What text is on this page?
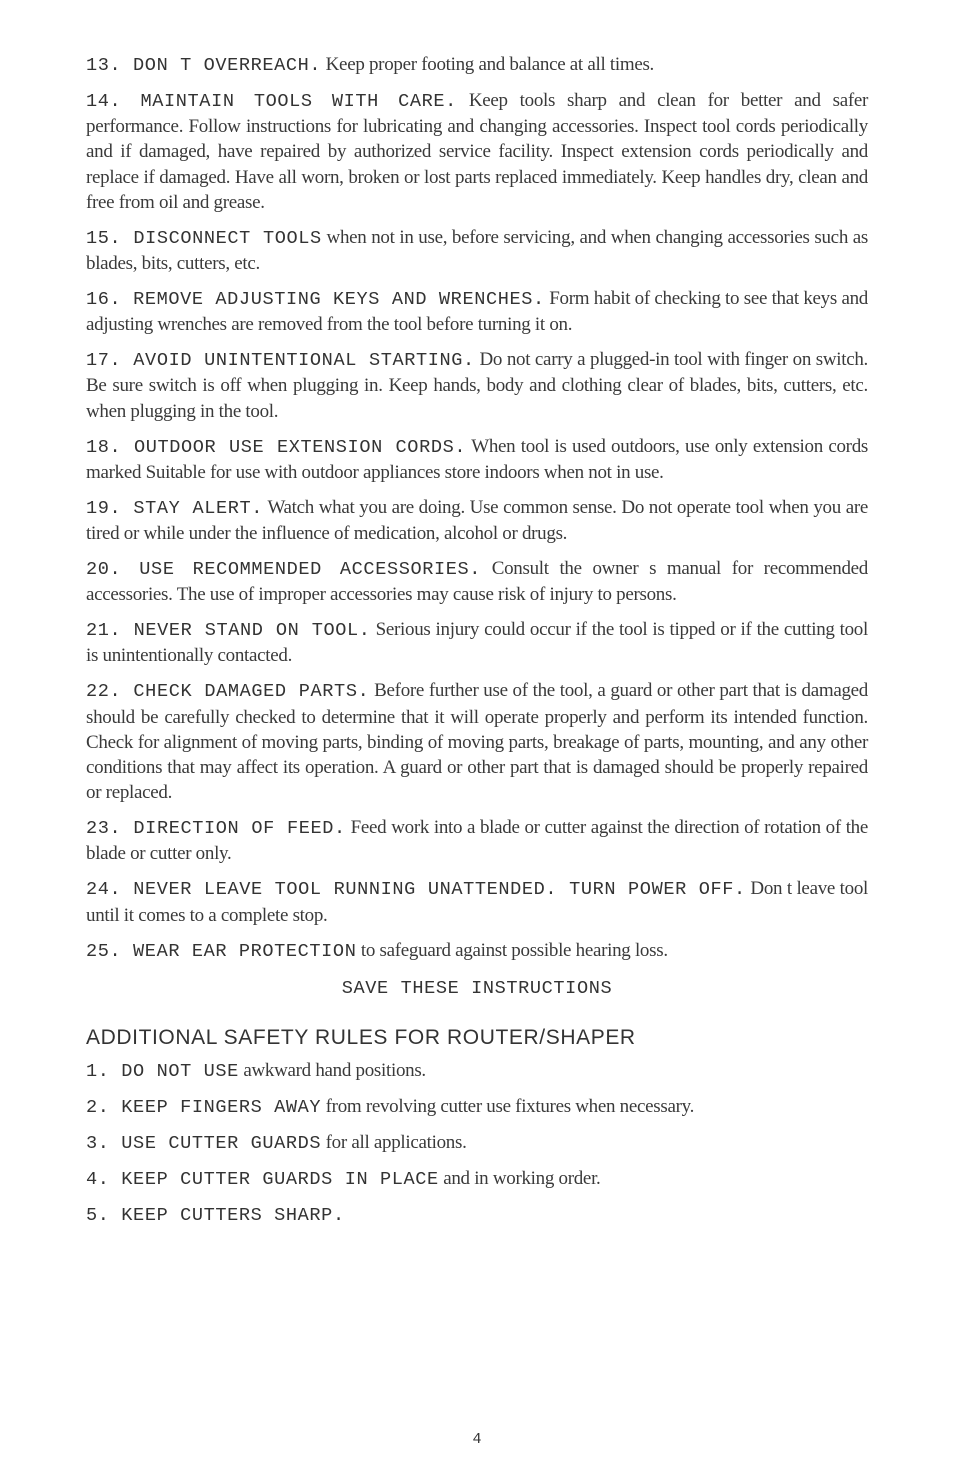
13. DON T OVERREACH. Keep proper footing and balance at all times.

14. MAINTAIN TOOLS WITH CARE. Keep tools sharp and clean for better and safer performance. Follow instructions for lubricating and changing accessories. Inspect tool cords periodically and if damaged, have repaired by authorized service facility. Inspect extension cords periodically and replace if damaged. Have all worn, broken or lost parts replaced immediately. Keep handles dry, clean and free from oil and grease.

15. DISCONNECT TOOLS when not in use, before servicing, and when changing accessories such as blades, bits, cutters, etc.

16. REMOVE ADJUSTING KEYS AND WRENCHES. Form habit of checking to see that keys and adjusting wrenches are removed from the tool before turning it on.

17. AVOID UNINTENTIONAL STARTING. Do not carry a plugged-in tool with finger on switch. Be sure switch is off when plugging in. Keep hands, body and clothing clear of blades, bits, cutters, etc. when plugging in the tool.

18. OUTDOOR USE EXTENSION CORDS. When tool is used outdoors, use only extension cords marked Suitable for use with outdoor appliances store indoors when not in use.

19. STAY ALERT. Watch what you are doing. Use common sense. Do not operate tool when you are tired or while under the influence of medication, alcohol or drugs.

20. USE RECOMMENDED ACCESSORIES. Consult the owner s manual for recommended accessories. The use of improper accessories may cause risk of injury to persons.

21. NEVER STAND ON TOOL. Serious injury could occur if the tool is tipped or if the cutting tool is unintentionally contacted.

22. CHECK DAMAGED PARTS. Before further use of the tool, a guard or other part that is damaged should be carefully checked to determine that it will operate properly and perform its intended function. Check for alignment of moving parts, binding of moving parts, breakage of parts, mounting, and any other conditions that may affect its operation. A guard or other part that is damaged should be properly repaired or replaced.

23. DIRECTION OF FEED. Feed work into a blade or cutter against the direction of rotation of the blade or cutter only.

24. NEVER LEAVE TOOL RUNNING UNATTENDED. TURN POWER OFF. Don t leave tool until it comes to a complete stop.

25. WEAR EAR PROTECTION to safeguard against possible hearing loss.

SAVE THESE INSTRUCTIONS
ADDITIONAL SAFETY RULES FOR ROUTER/SHAPER

1. DO NOT USE awkward hand positions.

2. KEEP FINGERS AWAY from revolving cutter use fixtures when necessary.

3. USE CUTTER GUARDS for all applications.

4. KEEP CUTTER GUARDS IN PLACE and in working order.

5. KEEP CUTTERS SHARP.

4
